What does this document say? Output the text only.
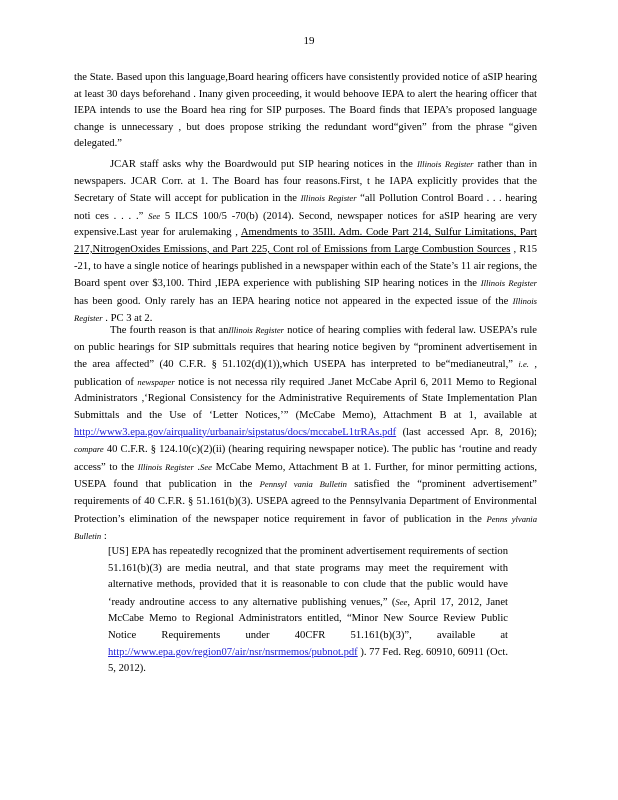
19

the State. Based upon this language,Board hearing officers have consistently provided notice of aSIP hearing at least 30 days beforehand . Inany given proceeding, it would behoove IEPA to alert the hearing officer that IEPA intends to use the Board hea ring for SIP purposes. The Board finds that IEPA’s proposed language change is unnecessary , but does propose striking the redundant word“given” from the phrase “given delegated.”

JCAR staff asks why the Boardwould put SIP hearing notices in the Illinois Register rather than in newspapers. JCAR Corr. at 1. The Board has four reasons.First, t he IAPA explicitly provides that the Secretary of State will accept for publication in the Illinois Register “all Pollution Control Board . . . hearing noti ces . . . .” See 5 ILCS 100/5 -70(b) (2014). Second, newspaper notices for aSIP hearing are very expensive.Last year for arulemaking , Amendments to 35Ill. Adm. Code Part 214, Sulfur Limitations, Part 217,NitrogenOxides Emissions, and Part 225, Cont rol of Emissions from Large Combustion Sources , R15 -21, to have a single notice of hearings published in a newspaper within each of the State’s 11 air regions, the Board spent over $3,100. Third ,IEPA experience with publishing SIP hearing notices in the Illinois Register has been good. Only rarely has an IEPA hearing notice not appeared in the expected issue of the Illinois Register . PC 3 at 2.

The fourth reason is that anIllinois Register notice of hearing complies with federal law. USEPA’s rule on public hearings for SIP submittals requires that hearing notice begiven by “prominent advertisement in the area affected” (40 C.F.R. § 51.102(d)(1)),which USEPA has interpreted to be“medianeutral,” i.e. , publication of newspaper notice is not necessa rily required .Janet McCabe April 6, 2011 Memo to Regional Administrators ,‘Regional Consistency for the Administrative Requirements of State Implementation Plan Submittals and the Use of ‘Letter Notices,’” (McCabe Memo), Attachment B at 1, available at http://www3.epa.gov/airquality/urbanair/sipstatus/docs/mccabeL1trRAs.pdf (last accessed Apr. 8, 2016); compare 40 C.F.R. § 124.10(c)(2)(ii) (hearing requiring newspaper notice). The public has ‘routine and ready access” to the Illinois Register .See McCabe Memo, Attachment B at 1. Further, for minor permitting actions, USEPA found that publication in the Pennsyl vania Bulletin satisfied the “prominent advertisement” requirements of 40 C.F.R. § 51.161(b)(3). USEPA agreed to the Pennsylvania Department of Environmental Protection’s elimination of the newspaper notice requirement in favor of publication in the Penns ylvania Bulletin :

[US] EPA has repeatedly recognized that the prominent advertisement requirements of section 51.161(b)(3) are media neutral, and that state programs may meet the requirement with alternative methods, provided that it is reasonable to con clude that the public would have ‘ready androutine access to any alternative publishing venues,” (See, April 17, 2012, Janet McCabe Memo to Regional Administrators entitled, “Minor New Source Review Public Notice Requirements under 40CFR 51.161(b)(3)”, available at http://www.epa.gov/region07/air/nsr/nsrmemos/pubnot.pdf ). 77 Fed. Reg. 60910, 60911 (Oct. 5, 2012).
